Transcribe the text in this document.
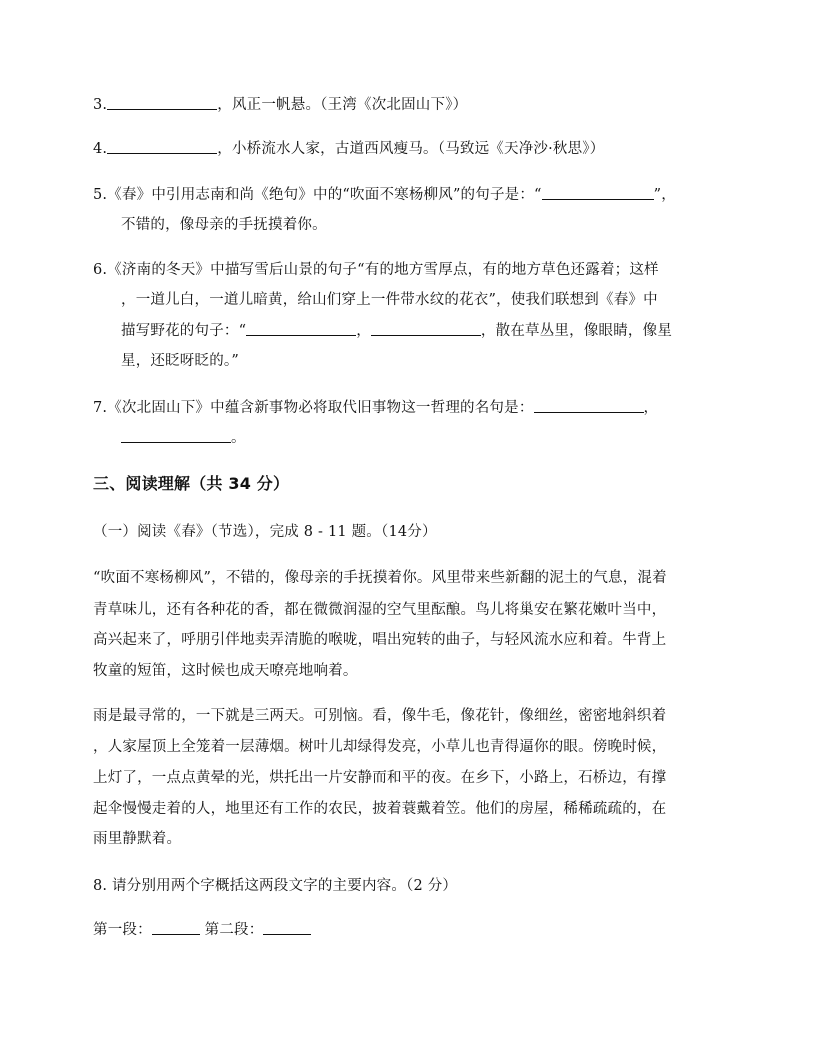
3.	，风正一帆悬。（王湾《次北固山下》）
4.	，小桥流水人家，古道西风瘦马。（马致远《天净沙·秋思》）
5.《春》中引用志南和尚《绝句》中的“吹面不寒杨柳风”的句子是：“	”，
不错的，像母亲的手抚摸着你。
6.《济南的冬天》中描写雪后山景的句子“有的地方雪厚点，有的地方草色还露着；这样
，一道儿白，一道儿暗黄，给山们穿上一件带水纹的花衣”，使我们联想到《春》中
描写野花的句子：“	，	，散在草丛里，像眼睛，像星
星，还眨呀眨的。”
7.《次北固山下》中蕴含新事物必将取代旧事物这一哲理的名句是：	，
。
三、阅读理解（共 34 分）
（一）阅读《春》（节选），完成 8 - 11 题。（14分）
“吹面不寒杨柳风”，不错的，像母亲的手抚摸着你。风里带来些新翻的泥土的气息，混着
青草味儿，还有各种花的香，都在微微润湿的空气里酝酿。鸟儿将巢安在繁花嫩叶当中，
高兴起来了，呼朋引伴地卖弄清脆的喉咙，唱出宛转的曲子，与轻风流水应和着。牛背上
牧童的短笛，这时候也成天嘹亮地响着。
雨是最寻常的，一下就是三两天。可别恼。看，像牛毛，像花针，像细丝，密密地斜织着
，人家屋顶上全笼着一层薄烟。树叶儿却绿得发亮，小草儿也青得逼你的眼。傍晚时候，
上灯了，一点点黄晕的光，烘托出一片安静而和平的夜。在乡下，小路上，石桥边，有撑
起伞慢慢走着的人，地里还有工作的农民，披着蓑戴着笠。他们的房屋，稀稀疏疏的，在
雨里静默着。
8. 请分别用两个字概括这两段文字的主要内容。（2 分）
第一段：	第二段：
